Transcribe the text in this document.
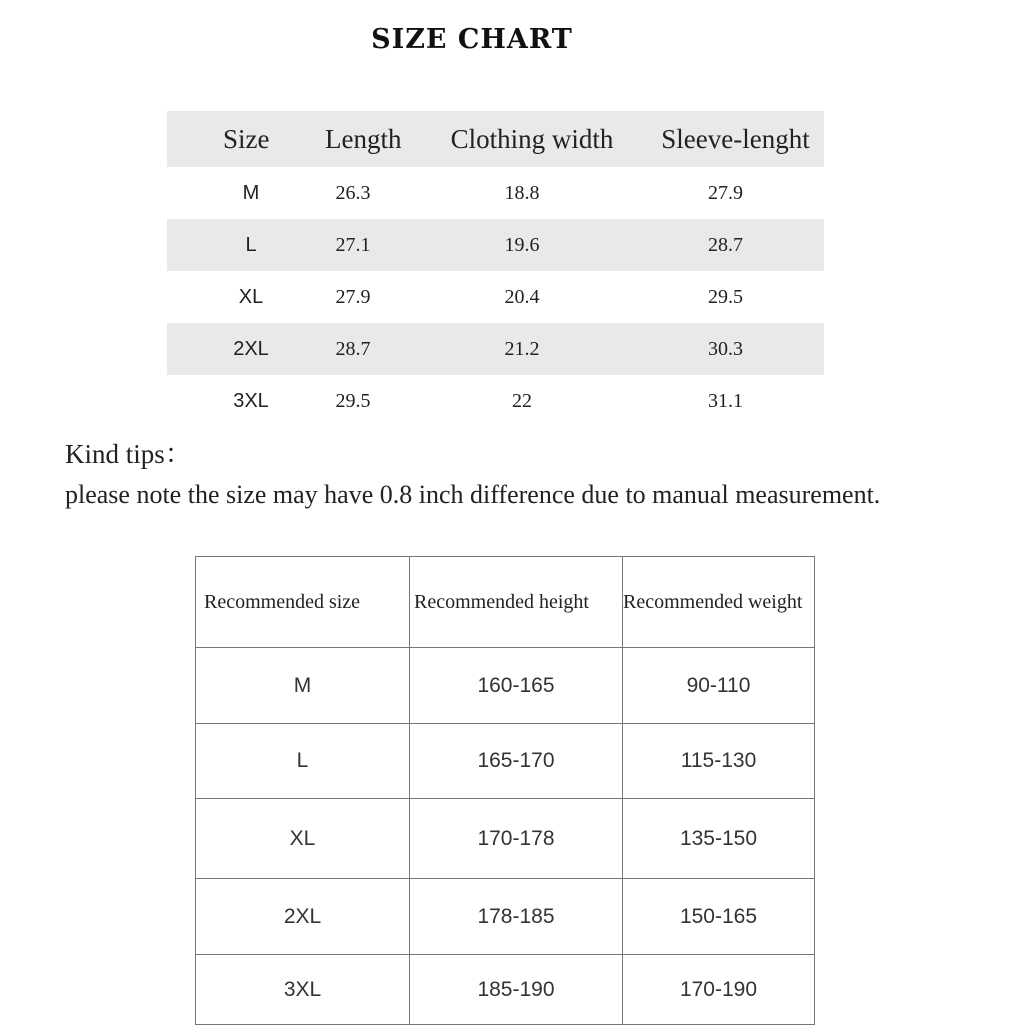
SIZE CHART
Size	Length	Clothing width	Sleeve-lenght
M	26.3	18.8	27.9
L	27.1	19.6	28.7
XL	27.9	20.4	29.5
2XL	28.7	21.2	30.3
3XL	29.5	22	31.1
Kind tips：
please note the size may have 0.8 inch difference due to manual measurement.
Recommended size	Recommended height	Recommended weight
M	160-165	90-110
L	165-170	115-130
XL	170-178	135-150
2XL	178-185	150-165
3XL	185-190	170-190
